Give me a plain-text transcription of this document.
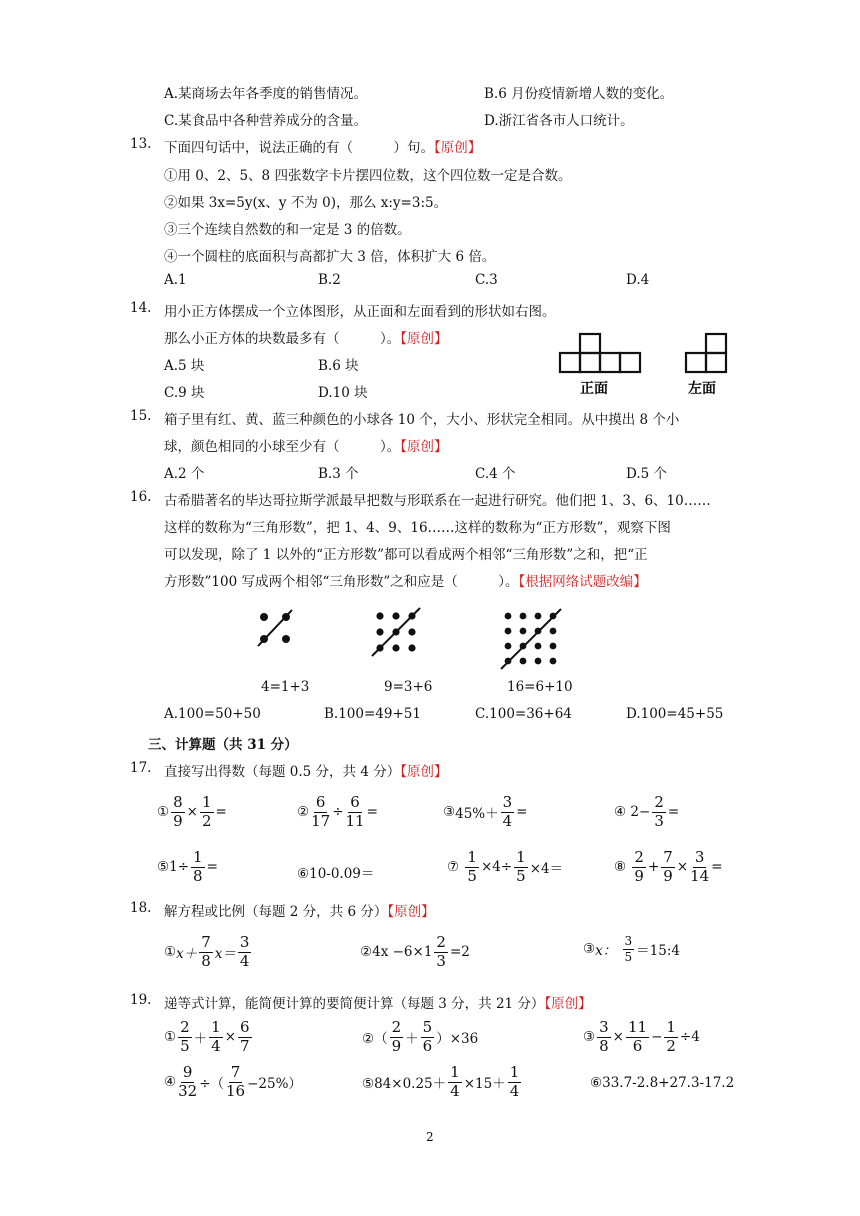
A.某商场去年各季度的销售情况。	B.6 月份疫情新增人数的变化。
C.某食品中各种营养成分的含量。	D.浙江省各市人口统计。
13. 下面四句话中，说法正确的有（　　　）句。【原创】
①用 0、2、5、8 四张数字卡片摆四位数，这个四位数一定是合数。
②如果 3x=5y(x、y 不为 0)，那么 x:y=3:5。
③三个连续自然数的和一定是 3 的倍数。
④一个圆柱的底面积与高都扩大 3 倍，体积扩大 6 倍。
A.1	B.2	C.3	D.4
14. 用小正方体摆成一个立体图形，从正面和左面看到的形状如右图。
那么小正方体的块数最多有（　　　）。【原创】
A.5 块	B.6 块
C.9 块	D.10 块	正面	左面
15. 箱子里有红、黄、蓝三种颜色的小球各 10 个，大小、形状完全相同。从中摸出 8 个小
球，颜色相同的小球至少有（　　　）。【原创】
A.2 个	B.3 个	C.4 个	D.5 个
16. 古希腊著名的毕达哥拉斯学派最早把数与形联系在一起进行研究。他们把 1、3、6、10……
这样的数称为“三角形数”，把 1、4、9、16……这样的数称为“正方形数”，观察下图
可以发现，除了 1 以外的“正方形数”都可以看成两个相邻“三角形数”之和，把“正
方形数”100 写成两个相邻“三角形数”之和应是（　　　）。【根据网络试题改编】
4=1+3	9=3+6	16=6+10
A.100=50+50	B.100=49+51	C.100=36+64	D.100=45+55
三、计算题（共 31 分）
17. 直接写出得数（每题 0.5 分，共 4 分）【原创】
① $\frac{8}{9} \times \frac{1}{2}$ =	② $\frac{6}{17} \div \frac{6}{11}$ =	③ $45\%+ \frac{3}{4}$ =	④
$2- \frac{2}{3}$ =
⑤ $1\div \frac{1}{8}$ =	⑥10-0.09＝	⑦
$\frac{1}{5} \times 4\div \frac{1}{5} \times 4=$	⑧
$\frac{2}{9} + \frac{7}{9} \times \frac{3}{14}$ =
18. 解方程或比例（每题 2 分，共 6 分）【原创】
① $x+ \frac{7}{8} x= \frac{3}{4}$	② $4x -6\times 1 \frac{2}{3} =2$	③ x：
$\frac{3}{5}$ ＝15:4
19. 递等式计算，能简便计算的要简便计算（每题 3 分，共 21 分）【原创】
① $\frac{2}{5} + \frac{1}{4} \times \frac{6}{7}$	②（ $\frac{2}{9} + \frac{5}{6} )\times 36$	③ $\frac{3}{8} \times \frac{11}{6} - \frac{1}{2} \div 4$
④ $\frac{9}{32}$ ÷（ $\frac{7}{16} -25\%$）	⑤84×0.25＋ $\frac{1}{4} \times 15+ \frac{1}{4}$	⑥33.7-2.8+27.3-17.2
2
